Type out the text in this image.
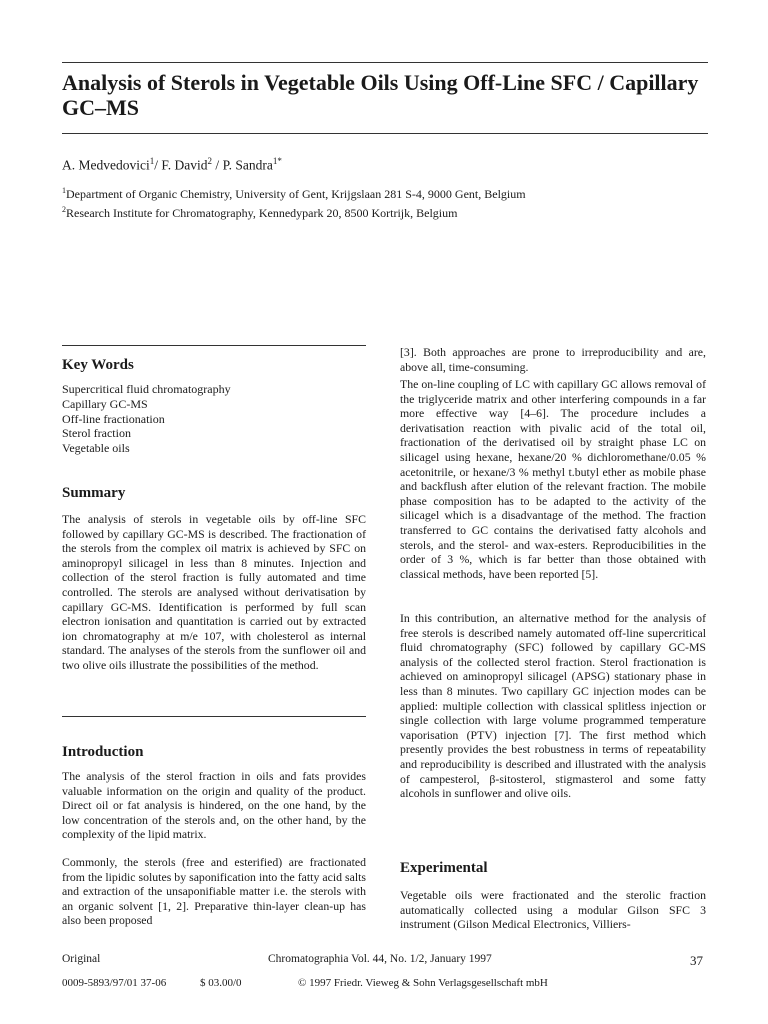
Analysis of Sterols in Vegetable Oils Using Off-Line SFC / Capillary GC–MS

A. Medvedovici$^1$/ F. David$^2$ / P. Sandra$^{1*}$

$^1$Department of Organic Chemistry, University of Gent, Krijgslaan 281 S-4, 9000 Gent, Belgium
$^2$Research Institute for Chromatography, Kennedypark 20, 8500 Kortrijk, Belgium
Key Words
Supercritical fluid chromatography
Capillary GC-MS
Off-line fractionation
Sterol fraction
Vegetable oils
Summary

The analysis of sterols in vegetable oils by off-line SFC followed by capillary GC-MS is described. The fractionation of the sterols from the complex oil matrix is achieved by SFC on aminopropyl silicagel in less than 8 minutes. Injection and collection of the sterol fraction is fully automated and time controlled. The sterols are analysed without derivatisation by capillary GC-MS. Identification is performed by full scan electron ionisation and quantitation is carried out by extracted ion chromatography at m/e 107, with cholesterol as internal standard. The analyses of the sterols from the sunflower oil and two olive oils illustrate the possibilities of the method.

Introduction

The analysis of the sterol fraction in oils and fats provides valuable information on the origin and quality of the product. Direct oil or fat analysis is hindered, on the one hand, by the low concentration of the sterols and, on the other hand, by the complexity of the lipid matrix.

Commonly, the sterols (free and esterified) are fractionated from the lipidic solutes by saponification into the fatty acid salts and extraction of the unsaponifiable matter i.e. the sterols with an organic solvent [1, 2]. Preparative thin-layer clean-up has also been proposed

[3]. Both approaches are prone to irreproducibility and are, above all, time-consuming.

The on-line coupling of LC with capillary GC allows removal of the triglyceride matrix and other interfering compounds in a far more effective way [4–6]. The procedure includes a derivatisation reaction with pivalic acid of the total oil, fractionation of the derivatised oil by straight phase LC on silicagel using hexane, hexane/20 % dichloromethane/0.05 % acetonitrile, or hexane/3 % methyl t.butyl ether as mobile phase and backflush after elution of the relevant fraction. The mobile phase composition has to be adapted to the activity of the silicagel which is a disadvantage of the method. The fraction transferred to GC contains the derivatised fatty alcohols and sterols, and the sterol- and wax-esters. Reproducibilities in the order of 3 %, which is far better than those obtained with classical methods, have been reported [5].

In this contribution, an alternative method for the analysis of free sterols is described namely automated off-line supercritical fluid chromatography (SFC) followed by capillary GC-MS analysis of the collected sterol fraction. Sterol fractionation is achieved on aminopropyl silicagel (APSG) stationary phase in less than 8 minutes. Two capillary GC injection modes can be applied: multiple collection with classical splitless injection or single collection with large volume programmed temperature vaporisation (PTV) injection [7]. The first method which presently provides the best robustness in terms of repeatability and reproducibility is described and illustrated with the analysis of campesterol, β-sitosterol, stigmasterol and some fatty alcohols in sunflower and olive oils.

Experimental

Vegetable oils were fractionated and the sterolic fraction automatically collected using a modular Gilson SFC 3 instrument (Gilson Medical Electronics, Villiers-

Original	Chromatographia Vol. 44, No. 1/2, January 1997	37

0009-5893/97/01 37-06	$ 03.00/0	© 1997 Friedr. Vieweg & Sohn Verlagsgesellschaft mbH
